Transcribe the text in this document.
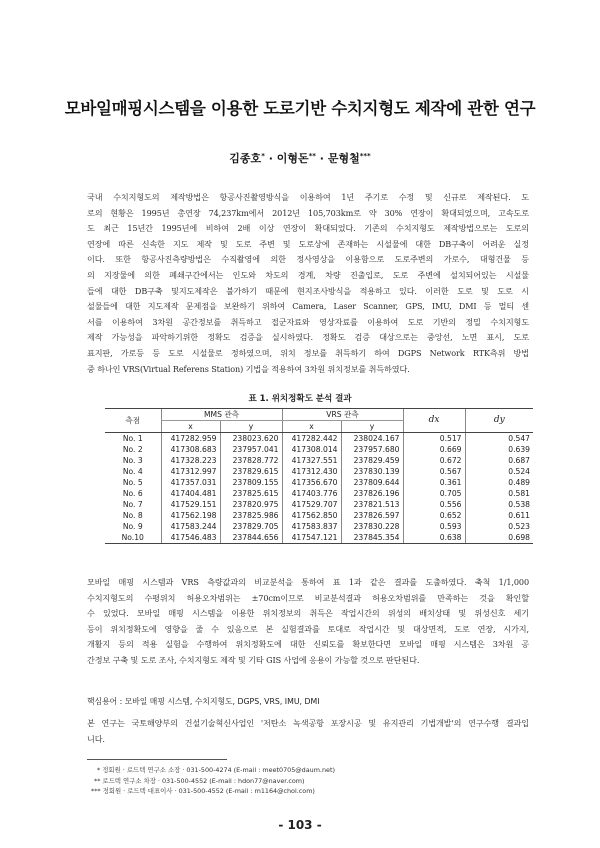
모바일매핑시스템을 이용한 도로기반 수치지형도 제작에 관한 연구
김종호* · 이형돈** · 문형철***
국내 수치지형도의 제작방법은 항공사진촬영방식을 이용하여 1년 주기로 수정 및 신규로 제작된다. 도
로의 현황은 1995년 총연장 74,237km에서 2012년 105,703km로 약 30% 연장이 확대되었으며, 고속도로
도 최근 15년간 1995년에 비하여 2배 이상 연장이 확대되었다. 기존의 수치지형도 제작방법으로는 도로의
연장에 따른 신속한 지도 제작 및 도로 주변 및 도로상에 존재하는 시설물에 대한 DB구축이 어려운 실정
이다. 또한 항공사진측량방법은 수직촬영에 의한 정사영상을 이용함으로 도로주변의 가로수, 대형건물 등
의 지장물에 의한 폐쇄구간에서는 인도와 차도의 경계, 차량 진출입로, 도로 주변에 설치되어있는 시설물
들에 대한 DB구축 및지도제작은 불가하기 때문에 현지조사방식을 적용하고 있다. 이러한 도로 및 도로 시
설물들에 대한 지도제작 문제점을 보완하기 위하여 Camera, Laser Scanner, GPS, IMU, DMI 등 멀티 센
서를 이용하여 3차원 공간정보를 취득하고 접군자료와 영상자료를 이용하여 도로 기반의 정밀 수치지형도
제작 가능성을 파악하기위한 정확도 검증을 실시하였다. 정확도 검증 대상으로는 중앙선, 노면 표시, 도로
표지판, 가로등 등 도로 시설물로 정하였으며, 위치 정보를 취득하기 하여 DGPS Network RTK측위 방법
중 하나인 VRS(Virtual Referens Station) 기법을 적용하여 3차원 위치정보를 취득하였다.
표 1. 위치정확도 분석 결과
측점	MMS 관측		VRS 관측		dx	dy
	x	y	x	y		
No. 1	417282.959	238023.620	417282.442	238024.167	0.517	0.547
No. 2	417308.683	237957.041	417308.014	237957.680	0.669	0.639
No. 3	417328.223	237828.772	417327.551	237829.459	0.672	0.687
No. 4	417312.997	237829.615	417312.430	237830.139	0.567	0.524
No. 5	417357.031	237809.155	417356.670	237809.644	0.361	0.489
No. 6	417404.481	237825.615	417403.776	237826.196	0.705	0.581
No. 7	417529.151	237820.975	417529.707	237821.513	0.556	0.538
No. 8	417562.198	237825.986	417562.850	237826.597	0.652	0.611
No. 9	417583.244	237829.705	417583.837	237830.228	0.593	0.523
No.10	417546.483	237844.656	417547.121	237845.354	0.638	0.698
모바일 매핑 시스템과 VRS 측량값과의 비교분석을 통하여 표 1과 같은 결과를 도출하였다. 축척 1/1,000
수치지형도의 수평위치 허용오차범위는 ±70cm이므로 비교분석결과 허용오차범위를 만족하는 것을 확인할
수 있었다. 모바일 매핑 시스템을 이용한 위치정보의 취득은 작업시간의 위성의 배치상태 및 위성신호 세기
등이 위치정확도에 영향을 줄 수 있음으로 본 실험결과를 토대로 작업시간 및 대상면적, 도로 연장, 시가지,
개활지 등의 적용 실험을 수행하여 위치정확도에 대한 신뢰도를 확보한다면 모바일 매핑 시스템은 3차원 공
간정보 구축 및 도로 조사, 수치지형도 제작 및 기타 GIS 사업에 응용이 가능할 것으로 판단된다.
핵심용어 : 모바일 매핑 시스템, 수치지형도, DGPS, VRS, IMU, DMI
본 연구는 국토해양부의 건설기술혁신사업인 '저탄소 녹색공항 포장시공 및 유지관리 기법개발'의 연구수행 결과입
니다.
* 정회원 · 로드텍 연구소 소장 · 031-500-4274 (E-mail : meet0705@daum.net)
** 로드텍 연구소 차장 · 031-500-4552 (E-mail : hdon77@naver.com)
*** 정회원 · 로드텍 대표이사 · 031-500-4552 (E-mail : m1164@chol.com)
- 103 -
